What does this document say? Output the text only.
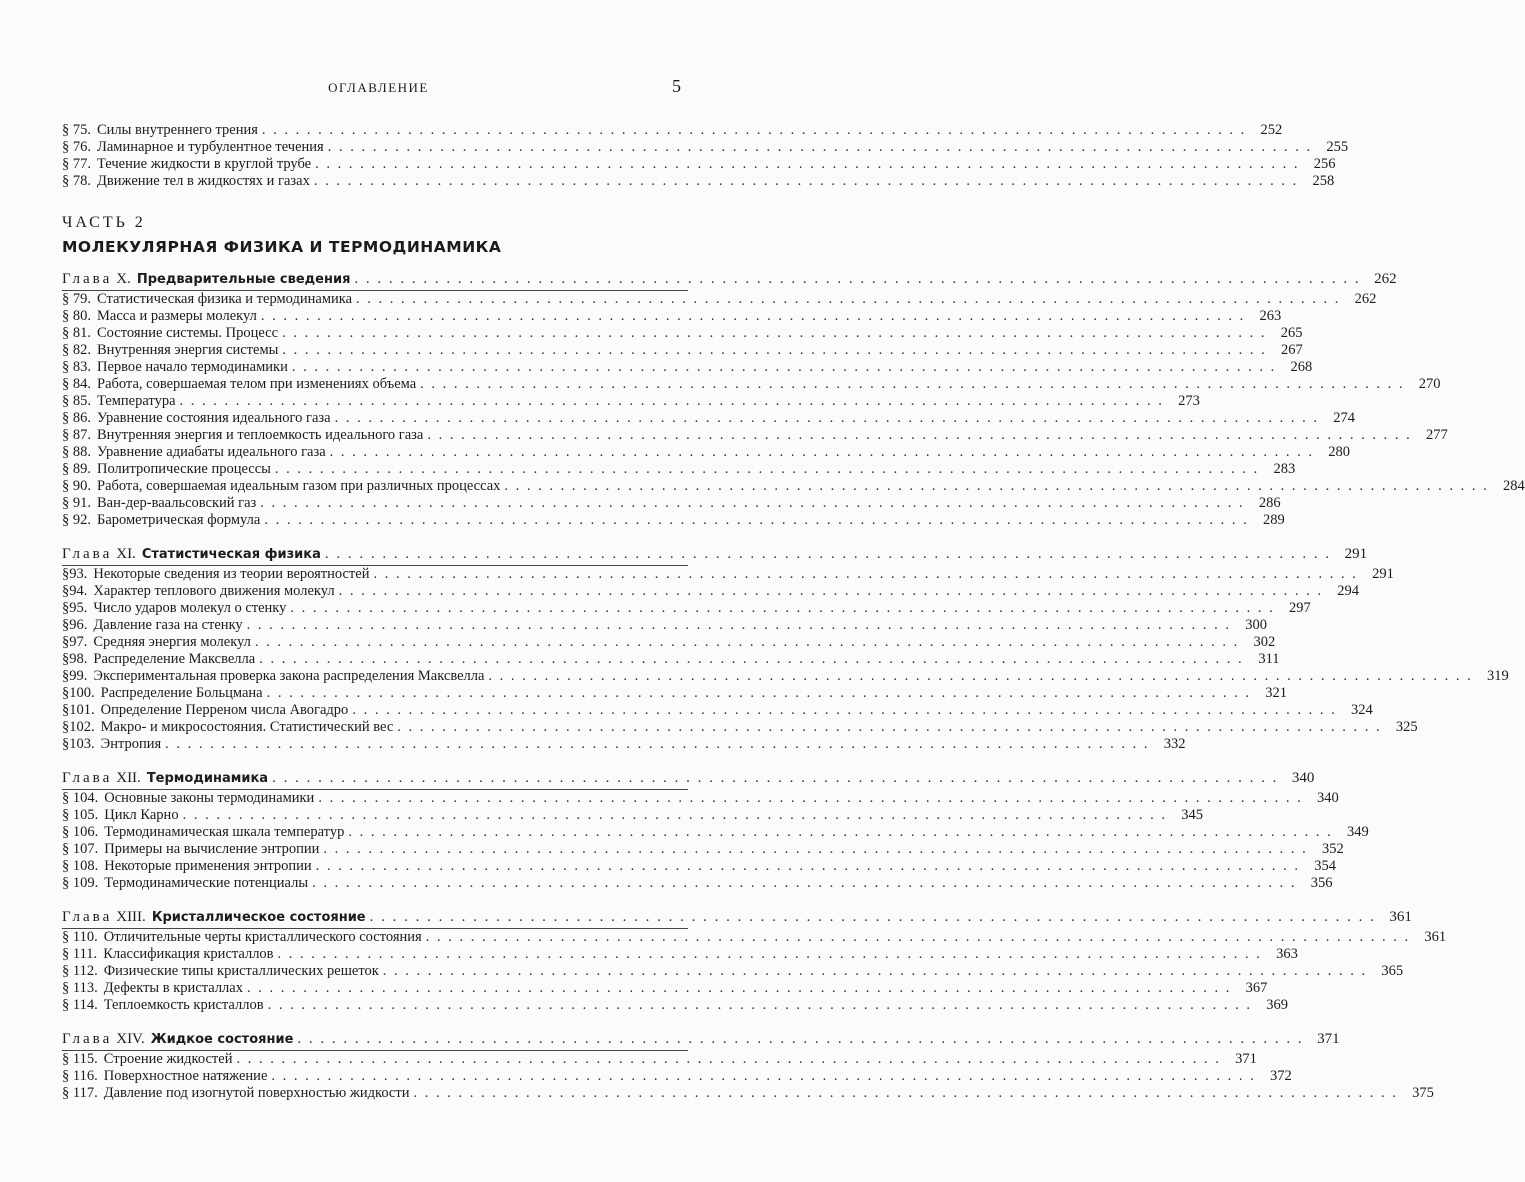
ОГЛАВЛЕНИЕ	5
§ 75. Силы внутреннего трения . . .	252
§ 76. Ламинарное и турбулентное течения . . .	255
§ 77. Течение жидкости в круглой трубе . . .	256
§ 78. Движение тел в жидкостях и газах . . .	258
ЧАСТЬ 2
МОЛЕКУЛЯРНАЯ ФИЗИКА И ТЕРМОДИНАМИКА
Глава X. Предварительные сведения . . .	262
§ 79. Статистическая физика и термодинамика . . .	262
§ 80. Масса и размеры молекул . . .	263
§ 81. Состояние системы. Процесс . . .	265
§ 82. Внутренняя энергия системы . . .	267
§ 83. Первое начало термодинамики . . .	268
§ 84. Работа, совершаемая телом при изменениях объема . . .	270
§ 85. Температура . . .	273
§ 86. Уравнение состояния идеального газа . . .	274
§ 87. Внутренняя энергия и теплоемкость идеального газа . . .	277
§ 88. Уравнение адиабаты идеального газа . . .	280
§ 89. Политропические процессы . . .	283
§ 90. Работа, совершаемая идеальным газом при различных процессах . . .	284
§ 91. Ван-дер-ваальсовский газ . . .	286
§ 92. Барометрическая формула . . .	289
Глава XI. Статистическая физика . . .	291
§ 93. Некоторые сведения из теории вероятностей . . .	291
§ 94. Характер теплового движения молекул . . .	294
§ 95. Число ударов молекул о стенку . . .	297
§ 96. Давление газа на стенку . . .	300
§ 97. Средняя энергия молекул . . .	302
§ 98. Распределение Максвелла . . .	311
§ 99. Экспериментальная проверка закона распределения Максвелла . . .	319
§ 100. Распределение Больцмана . . .	321
§ 101. Определение Перреном числа Авогадро . . .	324
§ 102. Макро- и микросостояния. Статистический вес . . .	325
§ 103. Энтропия . . .	332
Глава XII. Термодинамика . . .	340
§ 104. Основные законы термодинамики . . .	340
§ 105. Цикл Карно . . .	345
§ 106. Термодинамическая шкала температур . . .	349
§ 107. Примеры на вычисление энтропии . . .	352
§ 108. Некоторые применения энтропии . . .	354
§ 109. Термодинамические потенциалы . . .	356
Глава XIII. Кристаллическое состояние . . .	361
§ 110. Отличительные черты кристаллического состояния . . .	361
§ 111. Классификация кристаллов . . .	363
§ 112. Физические типы кристаллических решеток . . .	365
§ 113. Дефекты в кристаллах . . .	367
§ 114. Теплоемкость кристаллов . . .	369
Глава XIV. Жидкое состояние . . .	371
§ 115. Строение жидкостей . . .	371
§ 116. Поверхностное натяжение . . .	372
§ 117. Давление под изогнутой поверхностью жидкости . . .	375
